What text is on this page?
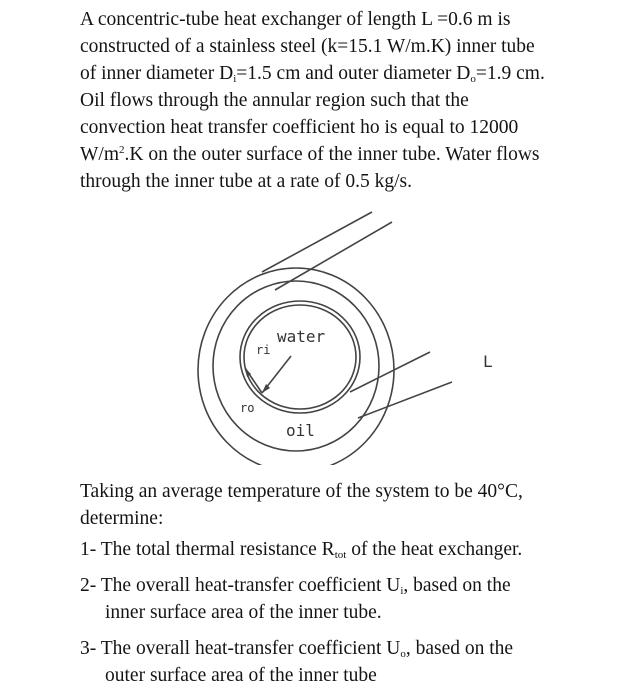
A concentric-tube heat exchanger of length L =0.6 m is
constructed of a stainless steel (k=15.1 W/m.K) inner tube
of inner diameter $D_i=1.5$ cm and outer diameter $D_o=1.9$ cm.
Oil flows through the annular region such that the
convection heat transfer coefficient ho is equal to 12000
$W/m^2.K$ on the outer surface of the inner tube. Water flows
through the inner tube at a rate of 0.5 kg/s.
water
oil
ri
ro
L
Taking an average temperature of the system to be 40°C,
determine:
1- The total thermal resistance $R_{tot}$ of the heat exchanger.
2- The overall heat-transfer coefficient $U_i$, based on the
inner surface area of the inner tube.
3- The overall heat-transfer coefficient $U_o$, based on the
outer surface area of the inner tube
